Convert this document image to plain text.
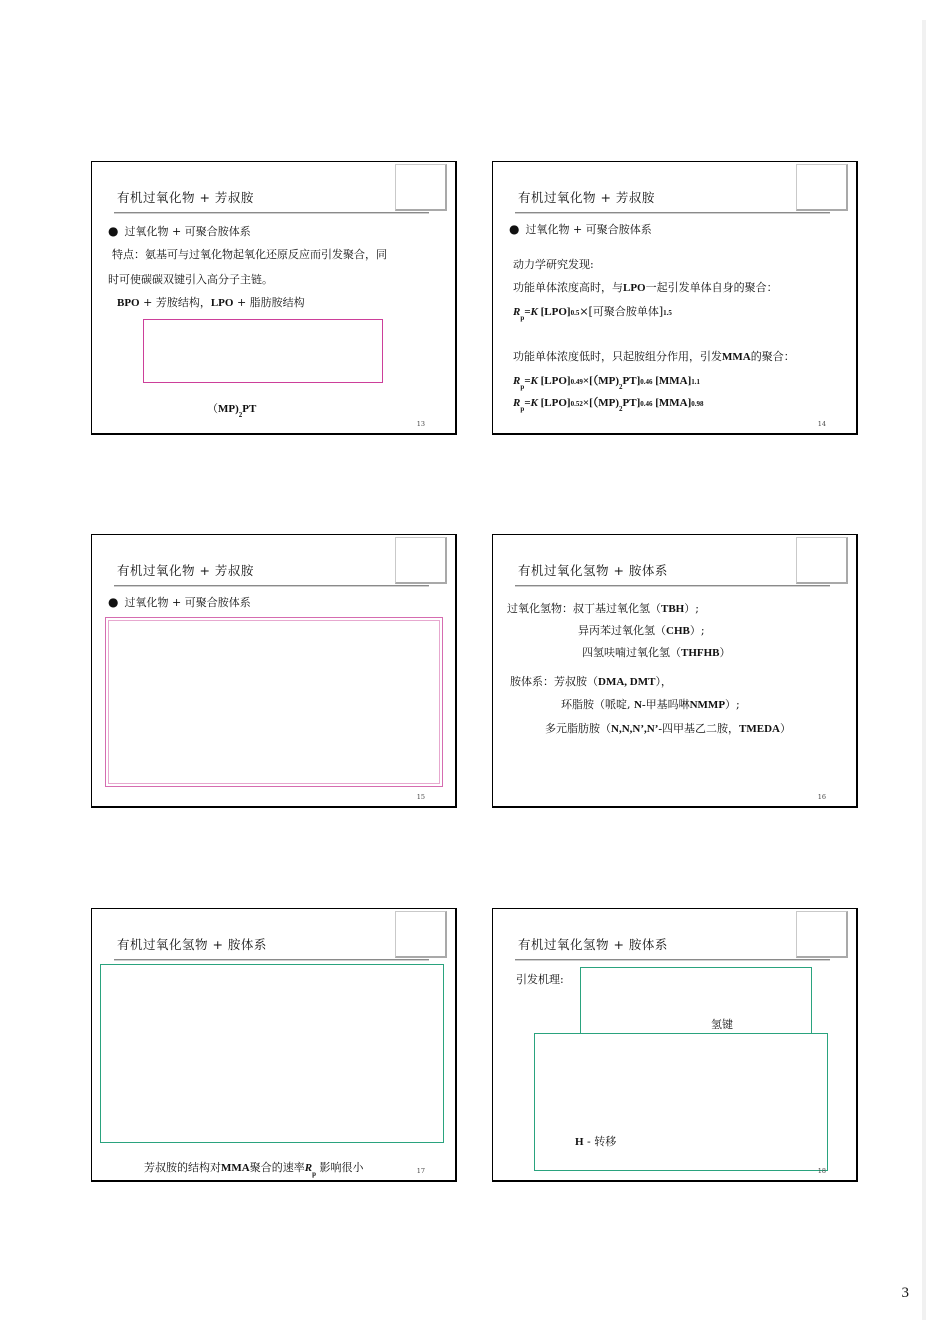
有机过氧化物 + 芳叔胺
● 过氧化物 + 可聚合胺体系
特点：氨基可与过氧化物起氧化还原反应而引发聚合，同
时可使碳碳双键引入高分子主链。
BPO + 芳胺结构，LPO + 脂肪胺结构
$(MP)_2PT$
13
有机过氧化物 + 芳叔胺
● 过氧化物 + 可聚合胺体系
动力学研究发现:
功能单体浓度高时，与LPO一起引发单体自身的聚合：
$R_p=K$ [LPO]0.5×[可聚合胺单体]1.5
功能单体浓度低时，只起胺组分作用，引发MMA的聚合：
$R_p=K$ $[LPO]0.49\times[(MP)_2PT]0.46$ [MMA]1.1
$R_p=K$ $[LPO]0.52\times[(MP)_2PT]0.46$ [MMA]0.98
14
有机过氧化物 + 芳叔胺
● 过氧化物 + 可聚合胺体系
15
有机过氧化氢物 + 胺体系
过氧化氢物：叔丁基过氧化氢（TBH）;
异丙苯过氧化氢（CHB）;
四氢呋喃过氧化氢（THFHB）
胺体系：芳叔胺（DMA, DMT），
环脂胺（哌啶, N-甲基吗啉NMMP）;
多元脂肪胺（N,N,N’,N’-四甲基乙二胺，TMEDA）
16
有机过氧化氢物 + 胺体系
芳叔胺的结构对MMA聚合的速率$R_p$ 影响很小	17
有机过氧化氢物 + 胺体系
引发机理:
氢键
H - 转移
18
3
